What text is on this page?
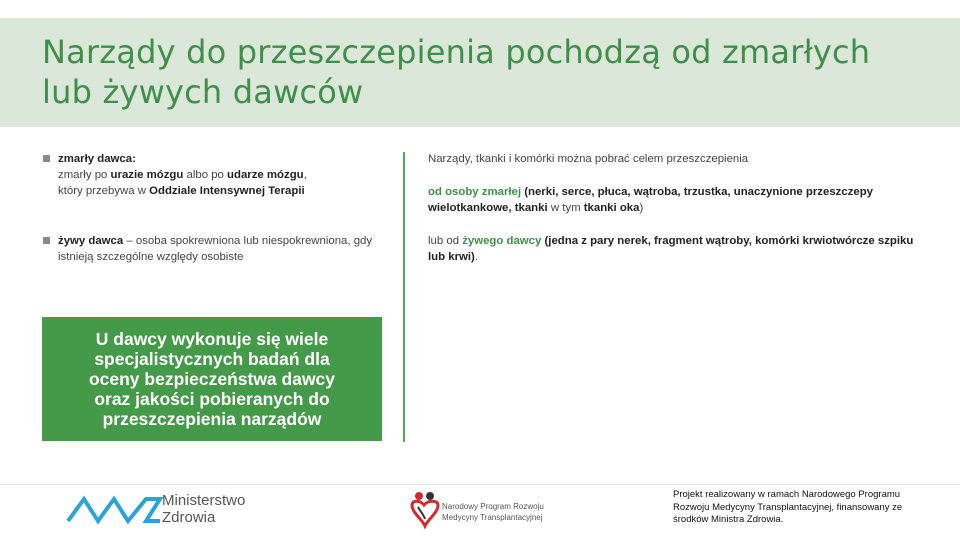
Narządy do przeszczepienia pochodzą od zmarłych lub żywych dawców
zmarły dawca:
zmarły po urazie mózgu albo po udarze mózgu,
który przebywa w Oddziale Intensywnej Terapii
żywy dawca – osoba spokrewniona lub niespokrewniona, gdy istnieją szczególne względy osobiste
U dawcy wykonuje się wiele specjalistycznych badań dla oceny bezpieczeństwa dawcy oraz jakości pobieranych do przeszczepienia narządów
Narządy, tkanki i komórki można pobrać celem przeszczepienia
od osoby zmarłej (nerki, serce, płuca, wątroba, trzustka, unaczynione przeszczepy wielotkankowe, tkanki w tym tkanki oka)
lub od żywego dawcy (jedna z pary nerek, fragment wątroby, komórki krwiotwórcze szpiku lub krwi).
Ministerstwo
Zdrowia
Narodowy Program Rozwoju
Medycyny Transplantacyjnej
Projekt realizowany w ramach Narodowego Programu Rozwoju Medycyny Transplantacyjnej, finansowany ze środków Ministra Zdrowia.
